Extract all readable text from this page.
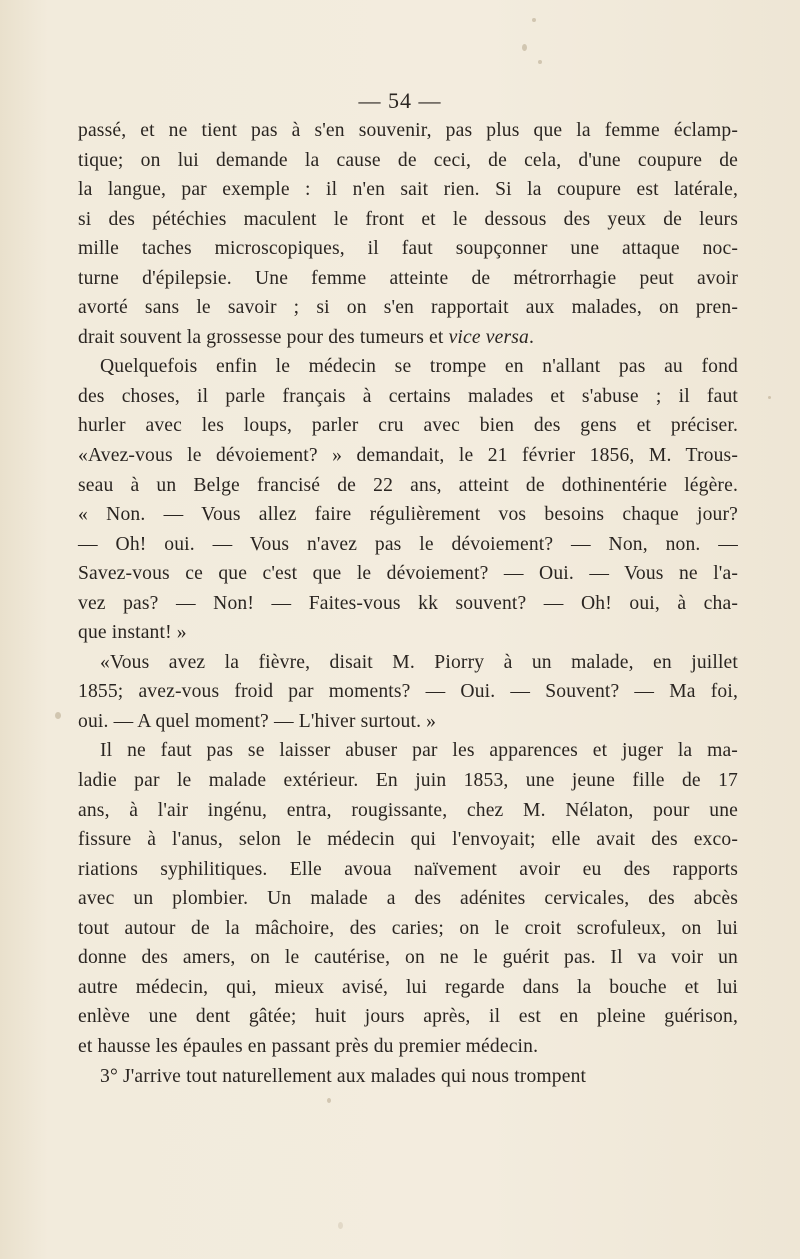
— 54 —
passé, et ne tient pas à s'en souvenir, pas plus que la femme éclamp-
tique; on lui demande la cause de ceci, de cela, d'une coupure de
la langue, par exemple : il n'en sait rien. Si la coupure est latérale,
si des pétéchies maculent le front et le dessous des yeux de leurs
mille taches microscopiques, il faut soupçonner une attaque noc-
turne d'épilepsie. Une femme atteinte de métrorrhagie peut avoir
avorté sans le savoir ; si on s'en rapportait aux malades, on pren-
drait souvent la grossesse pour des tumeurs et vice versa.
Quelquefois enfin le médecin se trompe en n'allant pas au fond
des choses, il parle français à certains malades et s'abuse ; il faut
hurler avec les loups, parler cru avec bien des gens et préciser.
«Avez-vous le dévoiement? » demandait, le 21 février 1856, M. Trous-
seau à un Belge francisé de 22 ans, atteint de dothinentérie légère.
« Non. — Vous allez faire régulièrement vos besoins chaque jour?
— Oh! oui. — Vous n'avez pas le dévoiement? — Non, non. —
Savez-vous ce que c'est que le dévoiement? — Oui. — Vous ne l'a-
vez pas? — Non! — Faites-vous kk souvent? — Oh! oui, à cha-
que instant! »
«Vous avez la fièvre, disait M. Piorry à un malade, en juillet
1855; avez-vous froid par moments? — Oui. — Souvent? — Ma foi,
oui. — A quel moment? — L'hiver surtout. »
Il ne faut pas se laisser abuser par les apparences et juger la ma-
ladie par le malade extérieur. En juin 1853, une jeune fille de 17
ans, à l'air ingénu, entra, rougissante, chez M. Nélaton, pour une
fissure à l'anus, selon le médecin qui l'envoyait; elle avait des exco-
riations syphilitiques. Elle avoua naïvement avoir eu des rapports
avec un plombier. Un malade a des adénites cervicales, des abcès
tout autour de la mâchoire, des caries; on le croit scrofuleux, on lui
donne des amers, on le cautérise, on ne le guérit pas. Il va voir un
autre médecin, qui, mieux avisé, lui regarde dans la bouche et lui
enlève une dent gâtée; huit jours après, il est en pleine guérison,
et hausse les épaules en passant près du premier médecin.
3° J'arrive tout naturellement aux malades qui nous trompent
